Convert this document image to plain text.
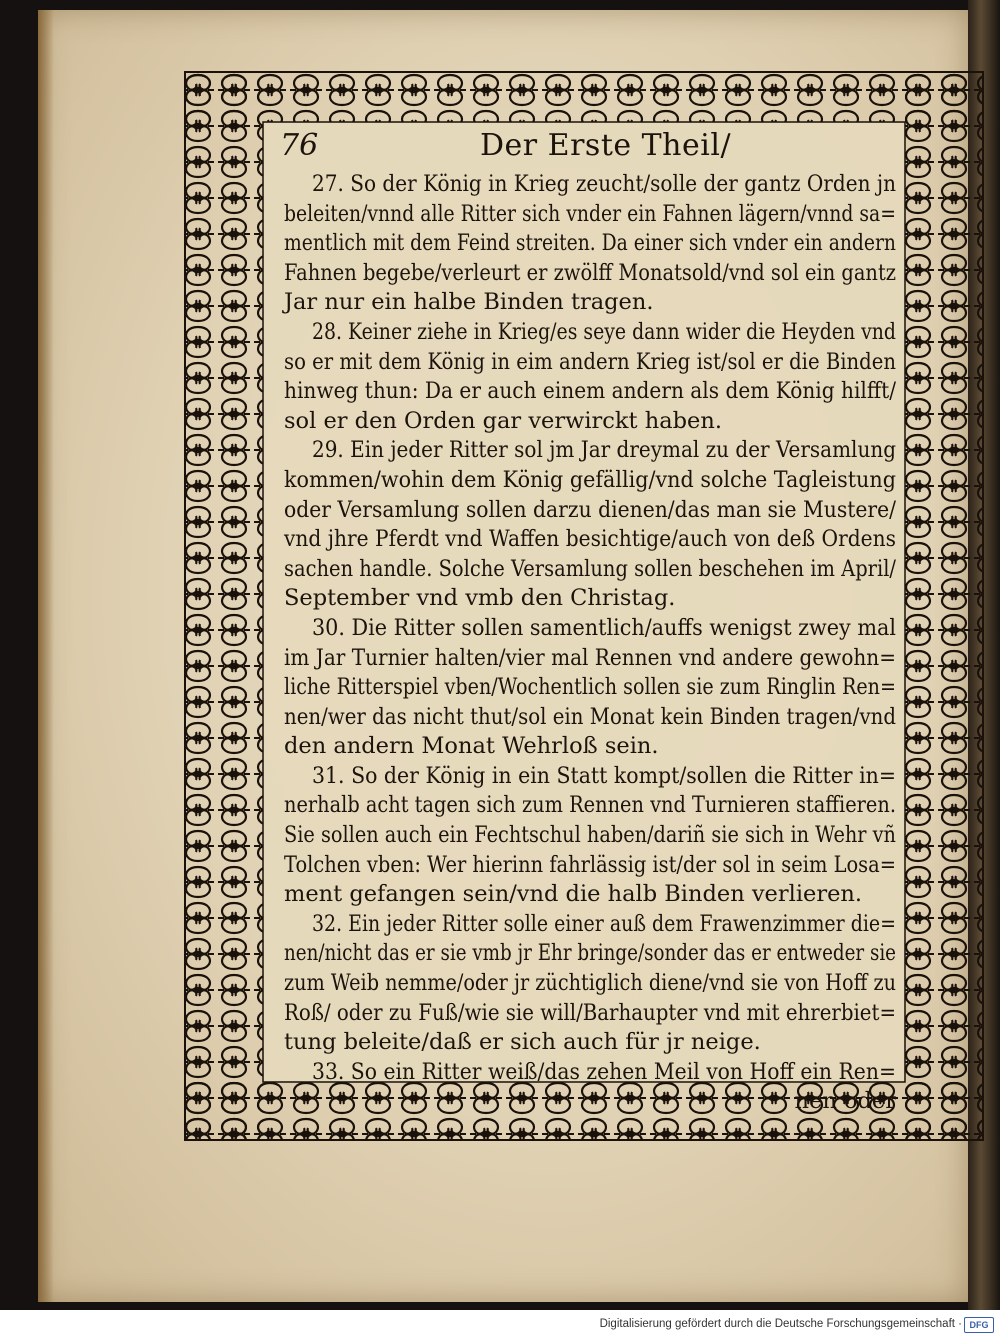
76	Der Erste Theil/
27. So der König in Krieg zeucht/solle der gantz Orden jn
beleiten/vnnd alle Ritter sich vnder ein Fahnen lägern/vnnd sa=
mentlich mit dem Feind streiten. Da einer sich vnder ein andern
Fahnen begebe/verleurt er zwölff Monatsold/vnd sol ein gantz
Jar nur ein halbe Binden tragen.
28. Keiner ziehe in Krieg/es seye dann wider die Heyden vnd
so er mit dem König in eim andern Krieg ist/sol er die Binden
hinweg thun: Da er auch einem andern als dem König hilfft/
sol er den Orden gar verwirckt haben.
29. Ein jeder Ritter sol jm Jar dreymal zu der Versamlung
kommen/wohin dem König gefällig/vnd solche Tagleistung
oder Versamlung sollen darzu dienen/das man sie Mustere/
vnd jhre Pferdt vnd Waffen besichtige/auch von deß Ordens
sachen handle. Solche Versamlung sollen beschehen im April/
September vnd vmb den Christag.
30. Die Ritter sollen samentlich/auffs wenigst zwey mal
im Jar Turnier halten/vier mal Rennen vnd andere gewohn=
liche Ritterspiel vben/Wochentlich sollen sie zum Ringlin Ren=
nen/wer das nicht thut/sol ein Monat kein Binden tragen/vnd
den andern Monat Wehrloß sein.
31. So der König in ein Statt kompt/sollen die Ritter in=
nerhalb acht tagen sich zum Rennen vnd Turnieren staffieren.
Sie sollen auch ein Fechtschul haben/dariñ sie sich in Wehr vñ
Tolchen vben: Wer hierinn fahrlässig ist/der sol in seim Losa=
ment gefangen sein/vnd die halb Binden verlieren.
32. Ein jeder Ritter solle einer auß dem Frawenzimmer die=
nen/nicht das er sie vmb jr Ehr bringe/sonder das er entweder sie
zum Weib nemme/oder jr züchtiglich diene/vnd sie von Hoff zu
Roß/ oder zu Fuß/wie sie will/Barhaupter vnd mit ehrerbiet=
tung beleite/daß er sich auch für jr neige.
33. So ein Ritter weiß/das zehen Meil von Hoff ein Ren=
nen oder
Digitalisierung gefördert durch die Deutsche Forschungsgemeinschaft · DFG
